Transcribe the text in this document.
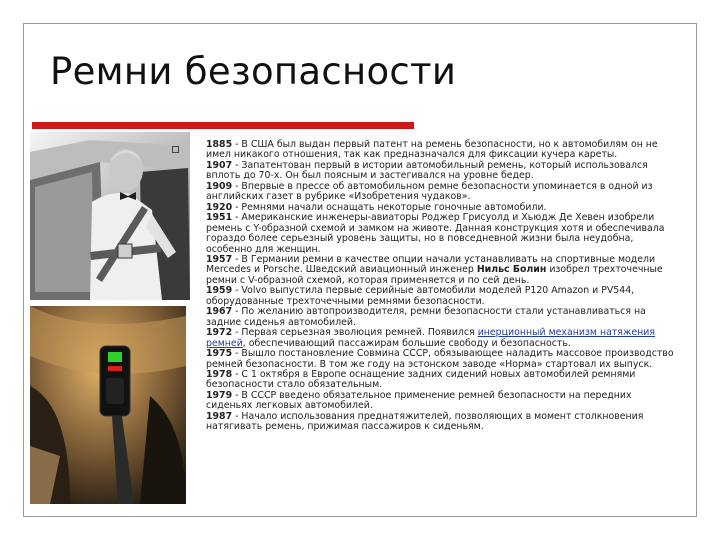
Ремни безопасности

1885 - В США был выдан первый патент на ремень безопасности, но к автомобилям он не имел никакого отношения, так как предназначался для фиксации кучера кареты.

1907 - Запатентован первый в истории автомобильный ремень, который использовался вплоть до 70-х. Он был поясным и застегивался на уровне бедер.

1909 - Впервые в прессе об автомобильном ремне безопасности упоминается в одной из английских газет в рубрике «Изобретения чудаков».

1920 - Ремнями начали оснащать некоторые гоночные автомобили.

1951 - Американские инженеры-авиаторы Роджер Грисуолд и Хьюдж Де Хевен изобрели ремень с Y-образной схемой и замком на животе. Данная конструкция хотя и обеспечивала гораздо более серьезный уровень защиты, но в повседневной жизни была неудобна, особенно для женщин.

1957 - В Германии ремни в качестве опции начали устанавливать на спортивные модели Mercedes и Porsche. Шведский авиационный инженер Нильс Болин изобрел трехточечные ремни с V-образной схемой, которая применяется и по сей день.

1959 - Volvo выпустила первые серийные автомобили моделей P120 Amazon и PV544, оборудованные трехточечными ремнями безопасности.

1967 - По желанию автопроизводителя, ремни безопасности стали устанавливаться на задние сиденья автомобилей.

1972 - Первая серьезная эволюция ремней. Появился инерционный механизм натяжения ремней, обеспечивающий пассажирам большие свободу и безопасность.

1975 - Вышло постановление Совмина СССР, обязывающее наладить массовое производство ремней безопасности. В том же году на эстонском заводе «Норма» стартовал их выпуск.

1978 - С 1 октября в Европе оснащение задних сидений новых автомобилей ремнями безопасности стало обязательным.

1979 - В СССР введено обязательное применение ремней безопасности на передних сиденьях легковых автомобилей.

1987 - Начало использования преднатяжителей, позволяющих в момент столкновения натягивать ремень, прижимая пассажиров к сиденьям.
